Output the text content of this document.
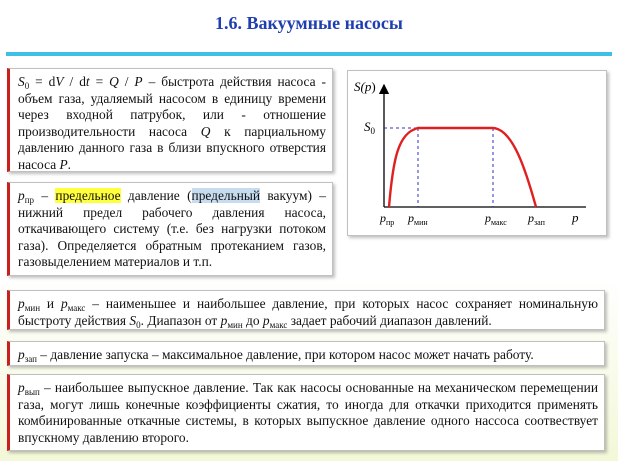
1.6. Вакуумные насосы
$S_0$ = dV / dt = Q / P – быстрота действия насоса - объем газа, удаляемый насосом в единицу времени через входной патрубок, или - отношение производительности насоса Q к парциальному давлению данного газа в близи впускного отверстия насоса P.
$p_{пр}$ – предельное давление (предельный вакуум) – нижний предел рабочего давления насоса, откачивающего систему (т.е. без нагрузки потоком газа). Определяется обратным протеканием газов, газовыделением материалов и т.п.
S(p)
$S_0$
$p_{пр}$ $p_{мин}$	$p_{макс}$ $p_{зап}$ p
$p_{мин}$ и $p_{макс}$ – наименьшее и наибольшее давление, при которых насос сохраняет номинальную быстроту действия $S_0$. Диапазон от $p_{мин}$ до $p_{макс}$ задает рабочий диапазон давлений.
$p_{зап}$ – давление запуска – максимальное давление, при котором насос может начать работу.
$p_{вып}$ – наибольшее выпускное давление. Так как насосы основанные на механическом перемещении газа, могут лишь конечные коэффициенты сжатия, то иногда для откачки приходится применять комбинированные откачные системы, в которых выпускное давление одного нассоса соотвествует впускному давлению второго.
